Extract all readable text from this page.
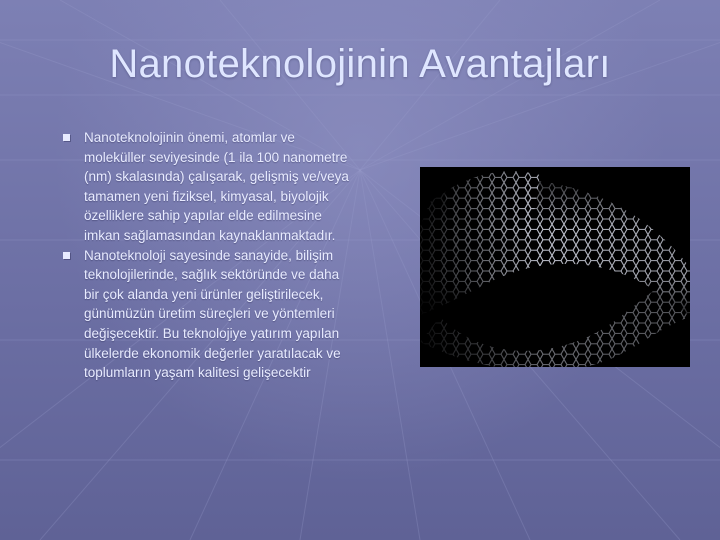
Nanoteknolojinin Avantajları

Nanoteknolojinin önemi, atomlar ve moleküller seviyesinde (1 ila 100 nanometre (nm) skalasında) çalışarak, gelişmiş ve/veya tamamen yeni fiziksel, kimyasal, biyolojik özelliklere sahip yapılar elde edilmesine imkan sağlamasından kaynaklanmaktadır.

Nanoteknoloji sayesinde sanayide, bilişim teknolojilerinde, sağlık sektöründe ve daha bir çok alanda yeni ürünler geliştirilecek, günümüzün üretim süreçleri ve yöntemleri değişecektir. Bu teknolojiye yatırım yapılan ülkelerde ekonomik değerler yaratılacak ve toplumların yaşam kalitesi gelişecektir
